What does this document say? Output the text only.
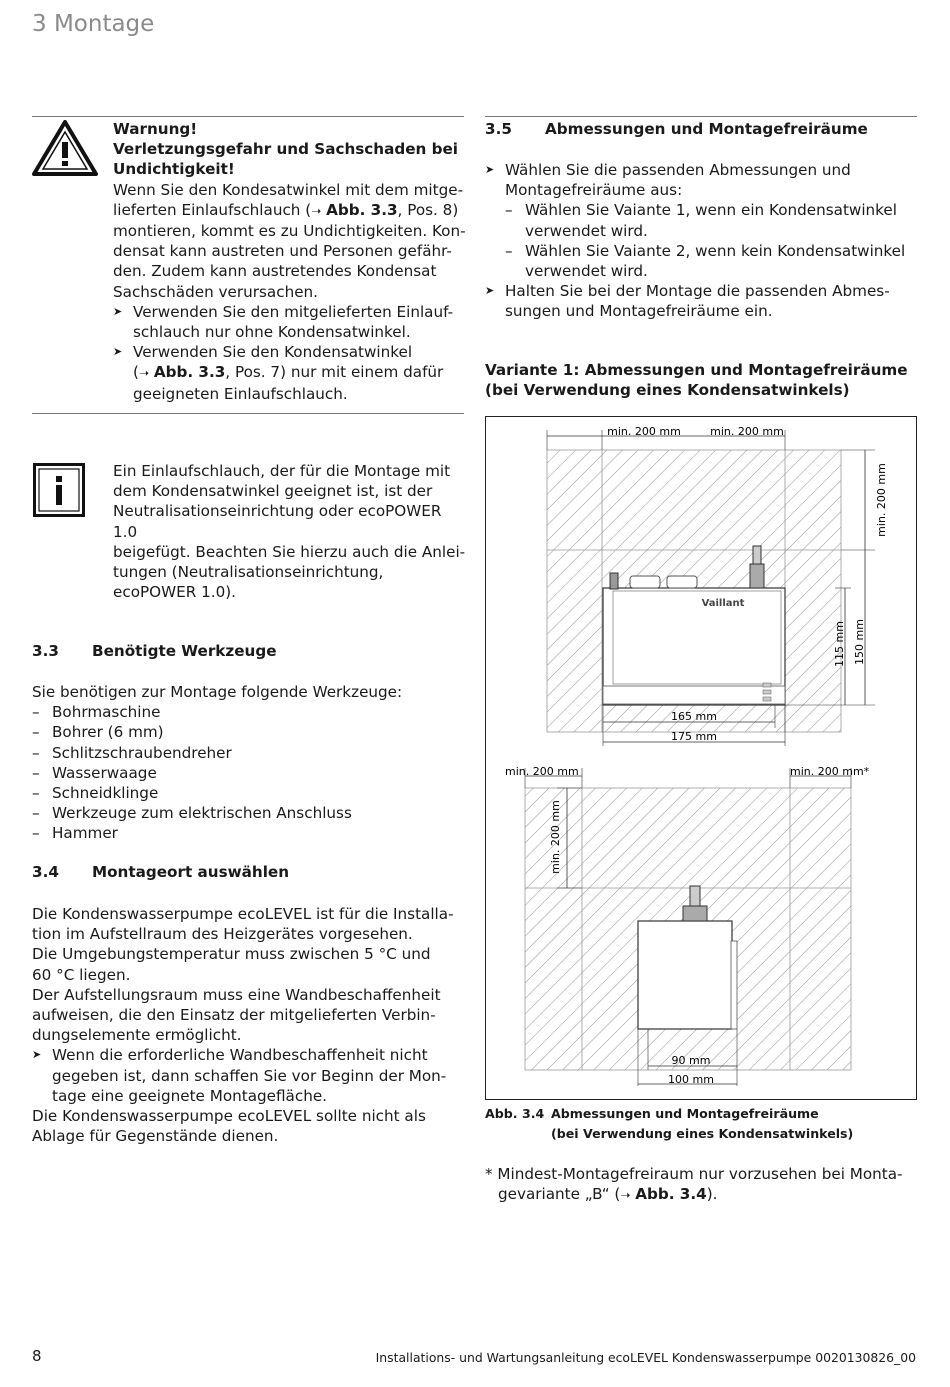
3 Montage
Warnung!
Verletzungsgefahr und Sachschaden bei
Undichtigkeit!
Wenn Sie den Kondesatwinkel mit dem mitge-
lieferten Einlaufschlauch (➝ Abb. 3.3, Pos. 8)
montieren, kommt es zu Undichtigkeiten. Kon-
densat kann austreten und Personen gefähr-
den. Zudem kann austretendes Kondensat
Sachschäden verursachen.
➤ Verwenden Sie den mitgelieferten Einlauf-
schlauch nur ohne Kondensatwinkel.
➤ Verwenden Sie den Kondensatwinkel
(➝ Abb. 3.3, Pos. 7) nur mit einem dafür
geeigneten Einlaufschlauch.
Ein Einlaufschlauch, der für die Montage mit
dem Kondensatwinkel geeignet ist, ist der
Neutralisationseinrichtung oder ecoPOWER 1.0
beigefügt. Beachten Sie hierzu auch die Anlei-
tungen (Neutralisationseinrichtung,
ecoPOWER 1.0).
3.3 Benötigte Werkzeuge
Sie benötigen zur Montage folgende Werkzeuge:
– Bohrmaschine
– Bohrer (6 mm)
– Schlitzschraubendreher
– Wasserwaage
– Schneidklinge
– Werkzeuge zum elektrischen Anschluss
– Hammer
3.4 Montageort auswählen
Die Kondenswasserpumpe ecoLEVEL ist für die Installa-
tion im Aufstellraum des Heizgerätes vorgesehen.
Die Umgebungstemperatur muss zwischen 5 °C und
60 °C liegen.
Der Aufstellungsraum muss eine Wandbeschaffenheit
aufweisen, die den Einsatz der mitgelieferten Verbin-
dungselemente ermöglicht.
➤ Wenn die erforderliche Wandbeschaffenheit nicht
gegeben ist, dann schaffen Sie vor Beginn der Mon-
tage eine geeignete Montagefläche.
Die Kondenswasserpumpe ecoLEVEL sollte nicht als
Ablage für Gegenstände dienen.
3.5 Abmessungen und Montagefreiräume
➤ Wählen Sie die passenden Abmessungen und
Montagefreiräume aus:
– Wählen Sie Vaiante 1, wenn ein Kondensatwinkel
verwendet wird.
– Wählen Sie Vaiante 2, wenn kein Kondensatwinkel
verwendet wird.
➤ Halten Sie bei der Montage die passenden Abmes-
sungen und Montagefreiräume ein.
Variante 1: Abmessungen und Montagefreiräume
(bei Verwendung eines Kondensatwinkels)
Vaillant
min. 200 mm	min. 200 mm
min. 200 mm
150 mm
115 mm
165 mm
175 mm
min. 200 mm	min. 200 mm*
min. 200 mm
90 mm
100 mm
Abb. 3.4 Abmessungen und Montagefreiräume
(bei Verwendung eines Kondensatwinkels)
* Mindest-Montagefreiraum nur vorzusehen bei Monta-
gevariante „B“ (➝ Abb. 3.4).
8	Installations- und Wartungsanleitung ecoLEVEL Kondenswasserpumpe 0020130826_00
